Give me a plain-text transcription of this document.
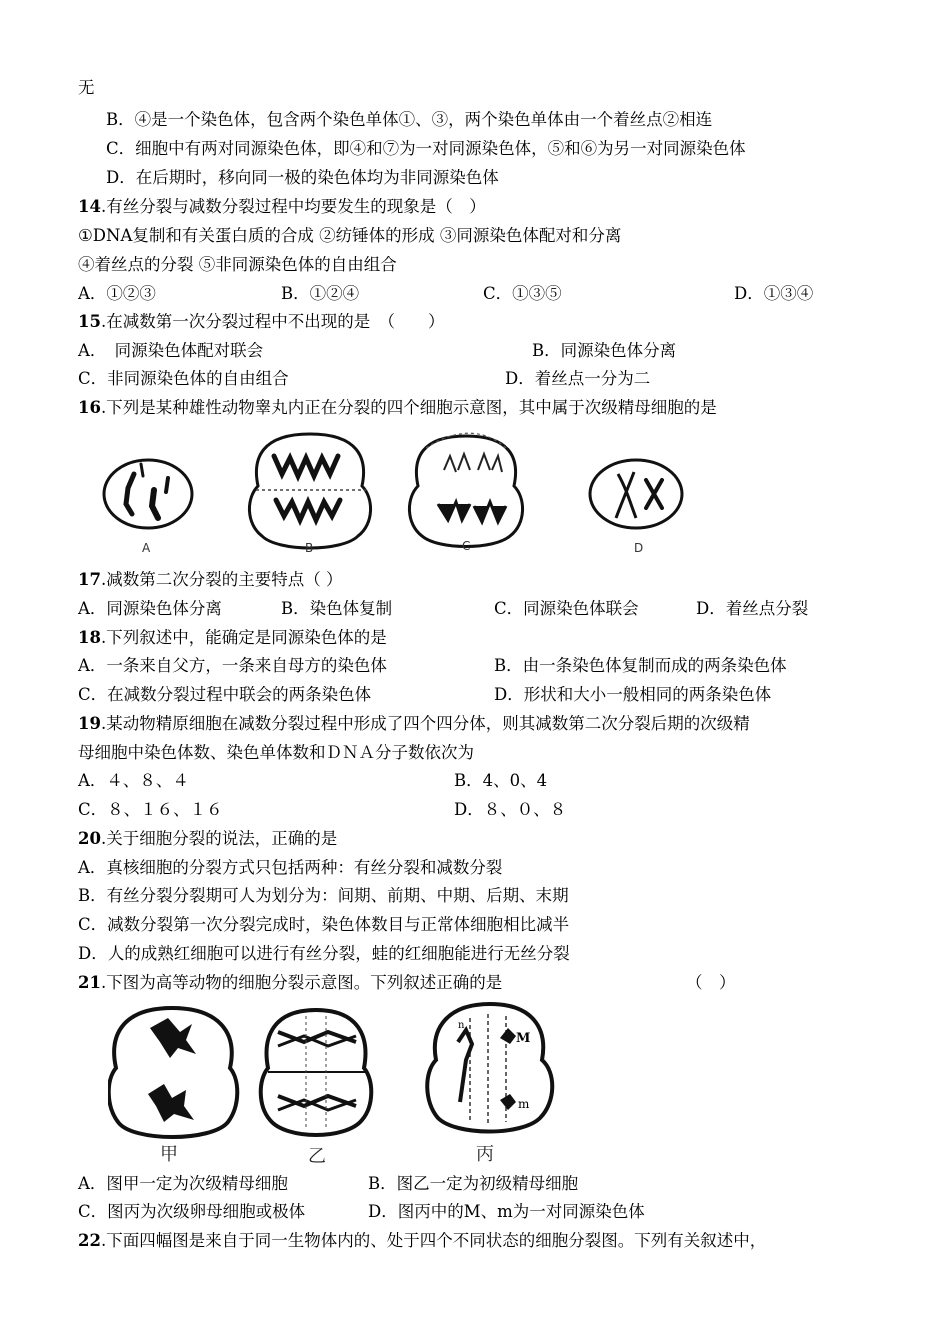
无
B．④是一个染色体，包含两个染色单体①、③，两个染色单体由一个着丝点②相连
C．细胞中有两对同源染色体，即④和⑦为一对同源染色体，⑤和⑥为另一对同源染色体
D．在后期时，移向同一极的染色体均为非同源染色体
14.有丝分裂与减数分裂过程中均要发生的现象是（　）
①DNA复制和有关蛋白质的合成 ②纺锤体的形成 ③同源染色体配对和分离
④着丝点的分裂 ⑤非同源染色体的自由组合
A．①②③	B．①②④	C．①③⑤	D．①③④
15.在减数第一次分裂过程中不出现的是　（　　）
A．　同源染色体配对联会	B．同源染色体分离
C．非同源染色体的自由组合	D．着丝点一分为二
16.下列是某种雄性动物睾丸内正在分裂的四个细胞示意图，其中属于次级精母细胞的是
A	B	C	D
17.减数第二次分裂的主要特点（ ）
A．同源染色体分离	B．染色体复制	C．同源染色体联会	D．着丝点分裂
18.下列叙述中，能确定是同源染色体的是
A．一条来自父方，一条来自母方的染色体	B．由一条染色体复制而成的两条染色体
C．在减数分裂过程中联会的两条染色体	D．形状和大小一般相同的两条染色体
19.某动物精原细胞在减数分裂过程中形成了四个四分体，则其减数第二次分裂后期的次级精
母细胞中染色体数、染色单体数和ＤＮＡ分子数依次为
A．４、８、４	B．4、0、4
C．８、１６、１６	D．８、０、８
20.关于细胞分裂的说法，正确的是
A．真核细胞的分裂方式只包括两种：有丝分裂和减数分裂
B．有丝分裂分裂期可人为划分为：间期、前期、中期、后期、末期
C．减数分裂第一次分裂完成时，染色体数目与正常体细胞相比减半
D．人的成熟红细胞可以进行有丝分裂，蛙的红细胞能进行无丝分裂
21.下图为高等动物的细胞分裂示意图。下列叙述正确的是	（　）
甲	乙
n
M
m
丙
A．图甲一定为次级精母细胞	B．图乙一定为初级精母细胞
C．图丙为次级卵母细胞或极体	D．图丙中的M、m为一对同源染色体
22.下面四幅图是来自于同一生物体内的、处于四个不同状态的细胞分裂图。下列有关叙述中，
